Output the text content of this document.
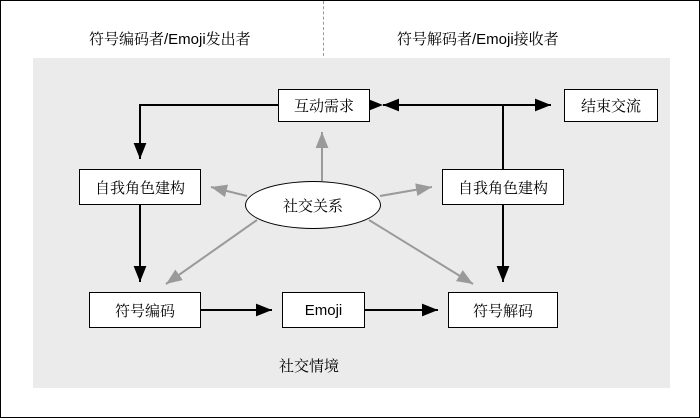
符号编码者/Emoji发出者	符号解码者/Emoji接收者
互动需求	结束交流
自我角色建构	自我角色建构
符号编码	Emoji	符号解码
社交关系
社交情境
